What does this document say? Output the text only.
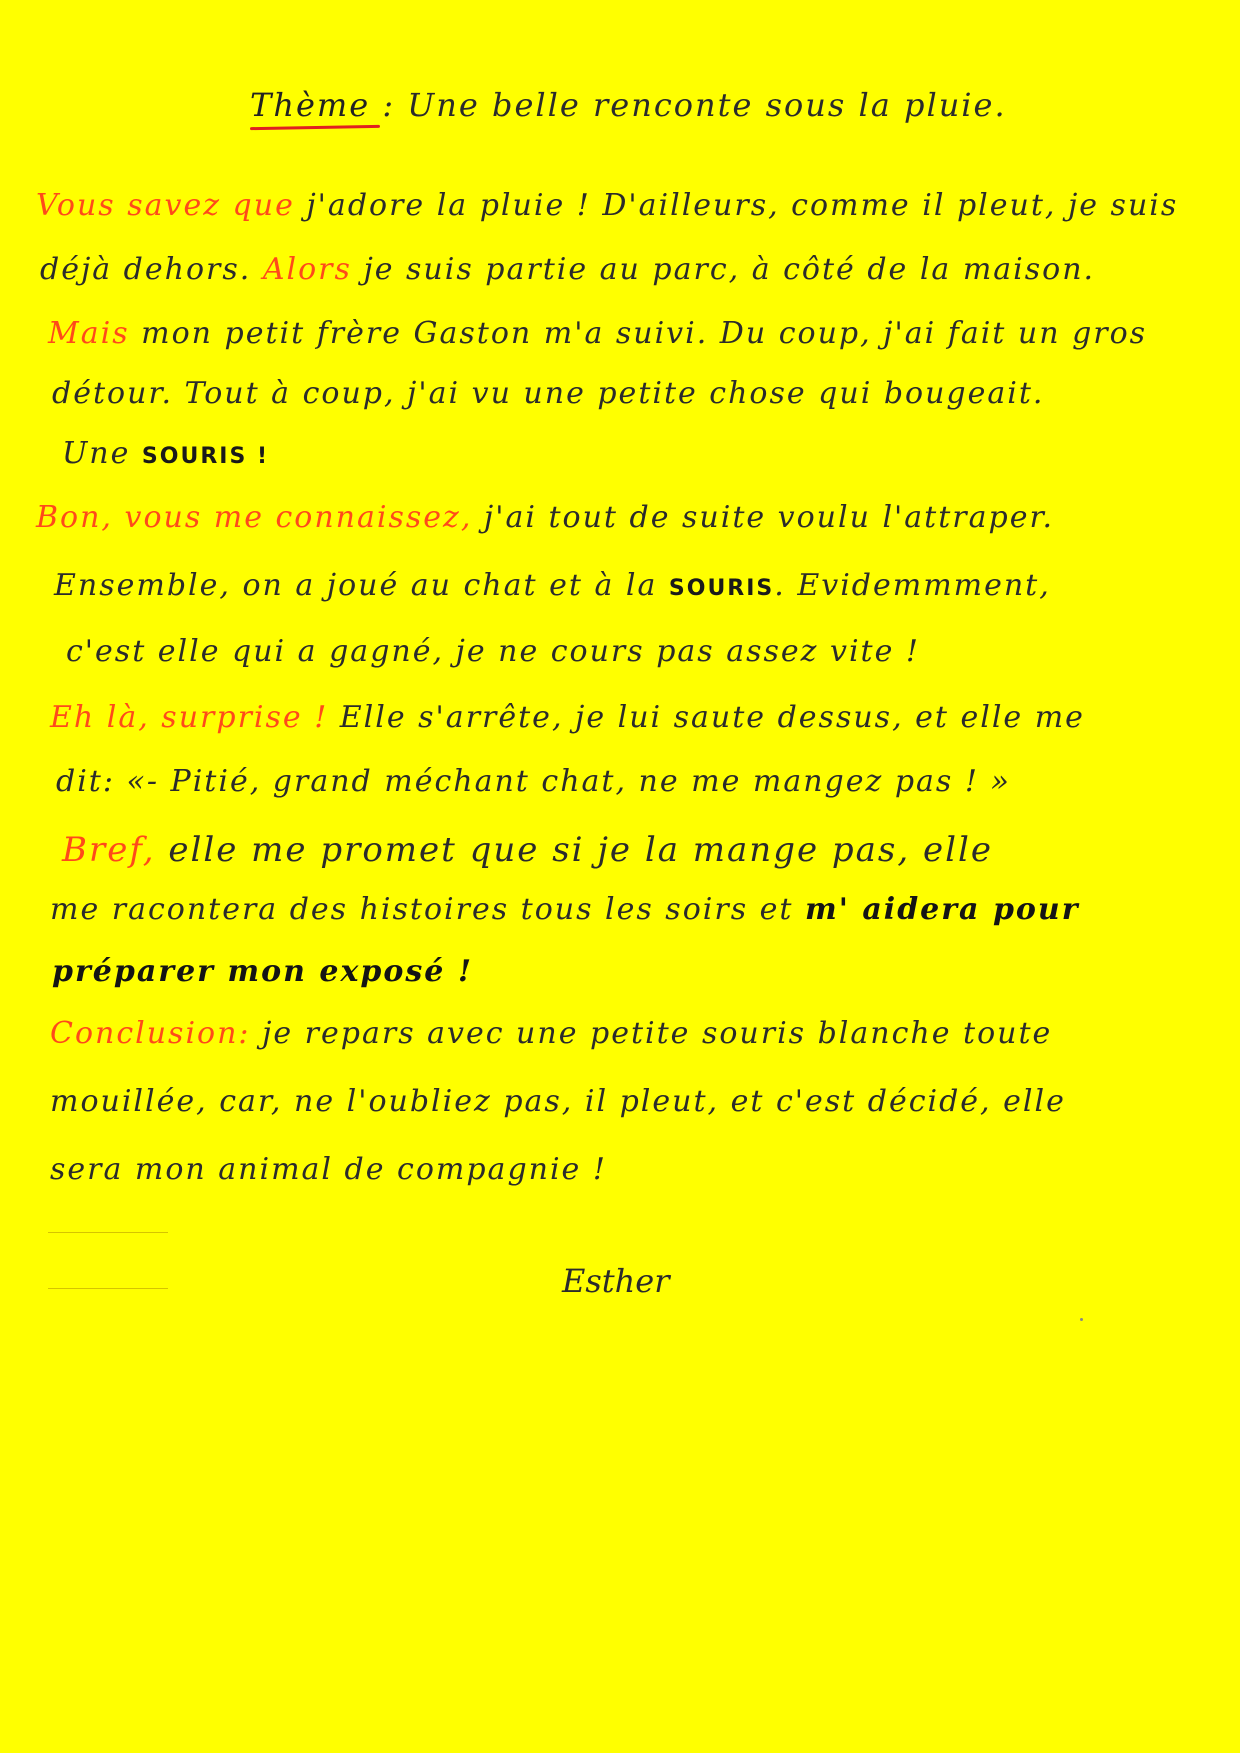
Thème : Une belle renconte sous la pluie.
Vous savez que j'adore la pluie ! D'ailleurs, comme il pleut, je suis
déjà dehors. Alors je suis partie au parc, à côté de la maison.
Mais mon petit frère Gaston m'a suivi. Du coup, j'ai fait un gros
détour. Tout à coup, j'ai vu une petite chose qui bougeait.
Une SOURIS !
Bon, vous me connaissez, j'ai tout de suite voulu l'attraper.
Ensemble, on a joué au chat et à la SOURIS. Evidemmment,
c'est elle qui a gagné, je ne cours pas assez vite !
Eh là, surprise ! Elle s'arrête, je lui saute dessus, et elle me
dit: «- Pitié, grand méchant chat, ne me mangez pas ! »
Bref, elle me promet que si je la mange pas, elle
me racontera des histoires tous les soirs et m' aidera pour
préparer mon exposé !
Conclusion: je repars avec une petite souris blanche toute
mouillée, car, ne l'oubliez pas, il pleut, et c'est décidé, elle
sera mon animal de compagnie !
Esther
